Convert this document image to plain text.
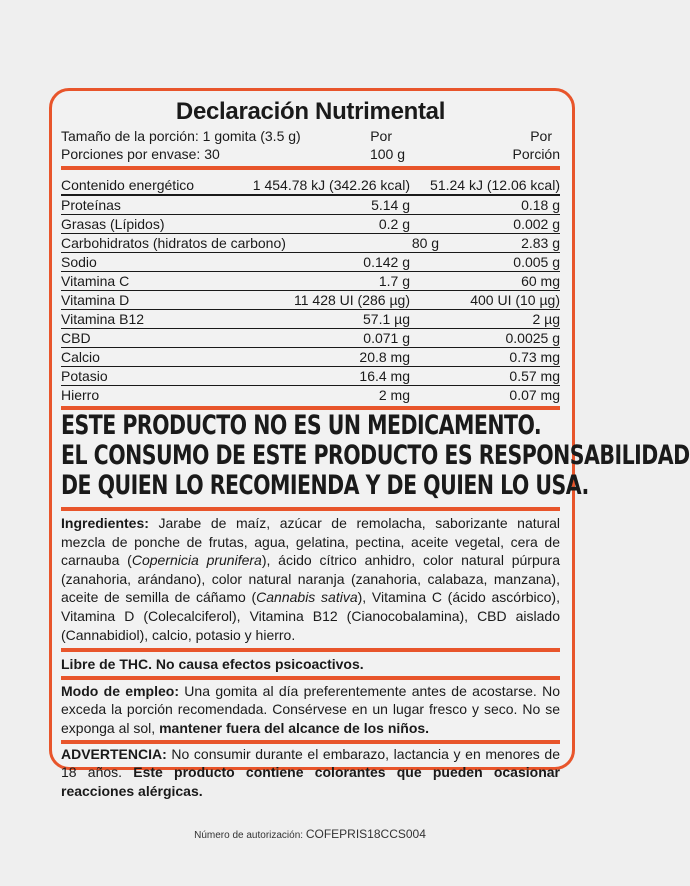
Declaración Nutrimental
Tamaño de la porción: 1 gomita (3.5 g)	Por	Por
Porciones por envase: 30	100 g	Porción
Contenido energético	1 454.78 kJ (342.26 kcal)	51.24 kJ (12.06 kcal)
Proteínas	5.14 g	0.18 g
Grasas (Lípidos)	0.2 g	0.002 g
Carbohidratos (hidratos de carbono)	80 g	2.83 g
Sodio	0.142 g	0.005 g
Vitamina C	1.7 g	60 mg
Vitamina D	11 428 UI (286 µg)	400 UI (10 µg)
Vitamina B12	57.1 µg	2 µg
CBD	0.071 g	0.0025 g
Calcio	20.8 mg	0.73 mg
Potasio	16.4 mg	0.57 mg
Hierro	2 mg	0.07 mg
ESTE PRODUCTO NO ES UN MEDICAMENTO.
EL CONSUMO DE ESTE PRODUCTO ES RESPONSABILIDAD
DE QUIEN LO RECOMIENDA Y DE QUIEN LO USA.
Ingredientes: Jarabe de maíz, azúcar de remolacha, saborizante natural mezcla de ponche de frutas, agua, gelatina, pectina, aceite vegetal, cera de carnauba (Copernicia prunifera), ácido cítrico anhidro, color natural púrpura (zanahoria, arándano), color natural naranja (zanahoria, calabaza, manzana), aceite de semilla de cáñamo (Cannabis sativa), Vitamina C (ácido ascórbico), Vitamina D (Colecalciferol), Vitamina B12 (Cianocobalamina), CBD aislado (Cannabidiol), calcio, potasio y hierro.
Libre de THC. No causa efectos psicoactivos.
Modo de empleo: Una gomita al día preferentemente antes de acostarse. No exceda la porción recomendada. Consérvese en un lugar fresco y seco. No se exponga al sol, mantener fuera del alcance de los niños.
ADVERTENCIA: No consumir durante el embarazo, lactancia y en menores de 18 años. Este producto contiene colorantes que pueden ocasionar reacciones alérgicas.
Número de autorización: COFEPRIS18CCS004
